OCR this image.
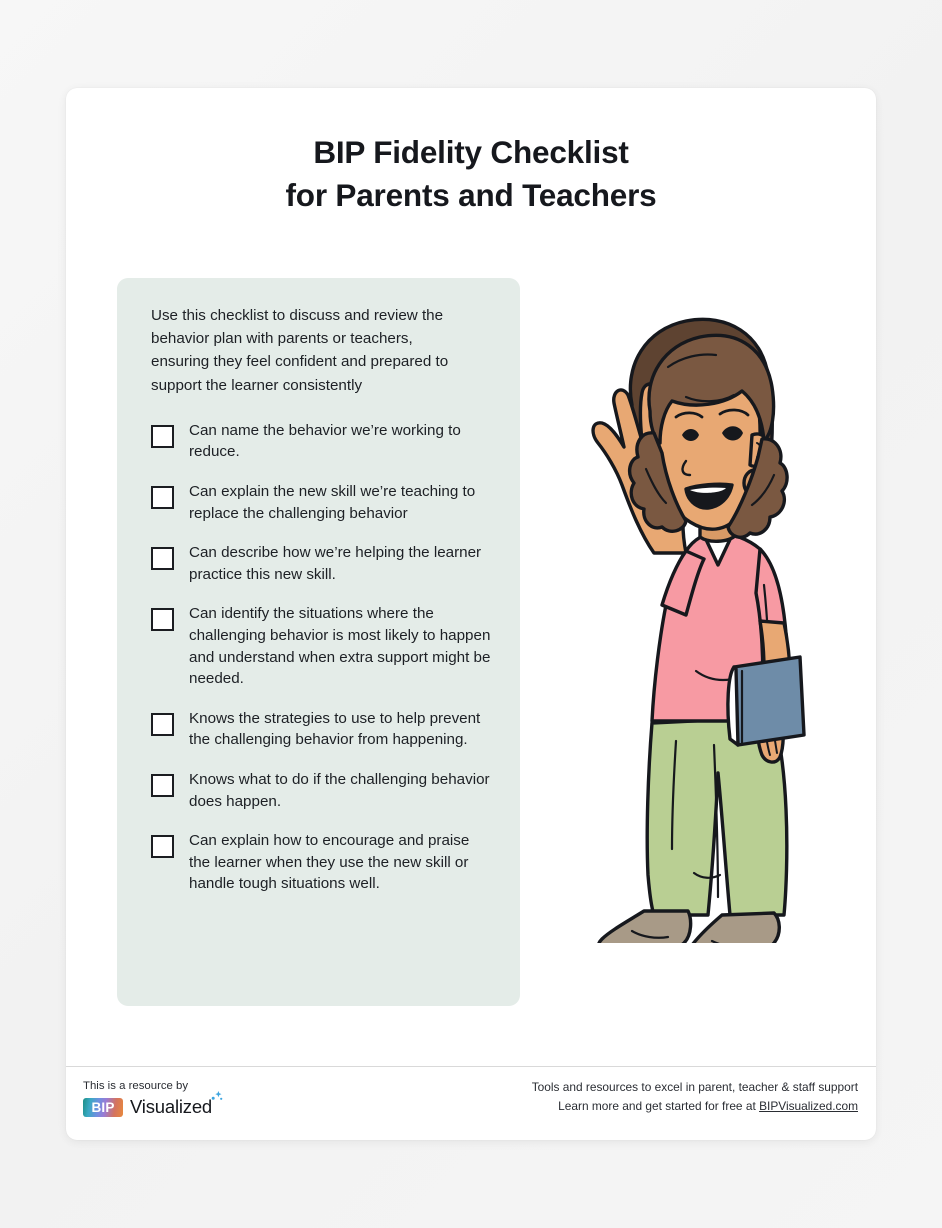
BIP Fidelity Checklist
for Parents and Teachers

Use this checklist to discuss and review the behavior plan with parents or teachers, ensuring they feel confident and prepared to support the learner consistently

Can name the behavior we’re working to reduce.
Can explain the new skill we’re teaching to replace the challenging behavior
Can describe how we’re helping the learner practice this new skill.
Can identify the situations where the challenging behavior is most likely to happen and understand when extra support might be needed.
Knows the strategies to use to help prevent the challenging behavior from happening.
Knows what to do if the challenging behavior does happen.
Can explain how to encourage and praise the learner when they use the new skill or handle tough situations well.
This is a resource by
BIP Visualized
Tools and resources to excel in parent, teacher & staff support
Learn more and get started for free at BIPVisualized.com
